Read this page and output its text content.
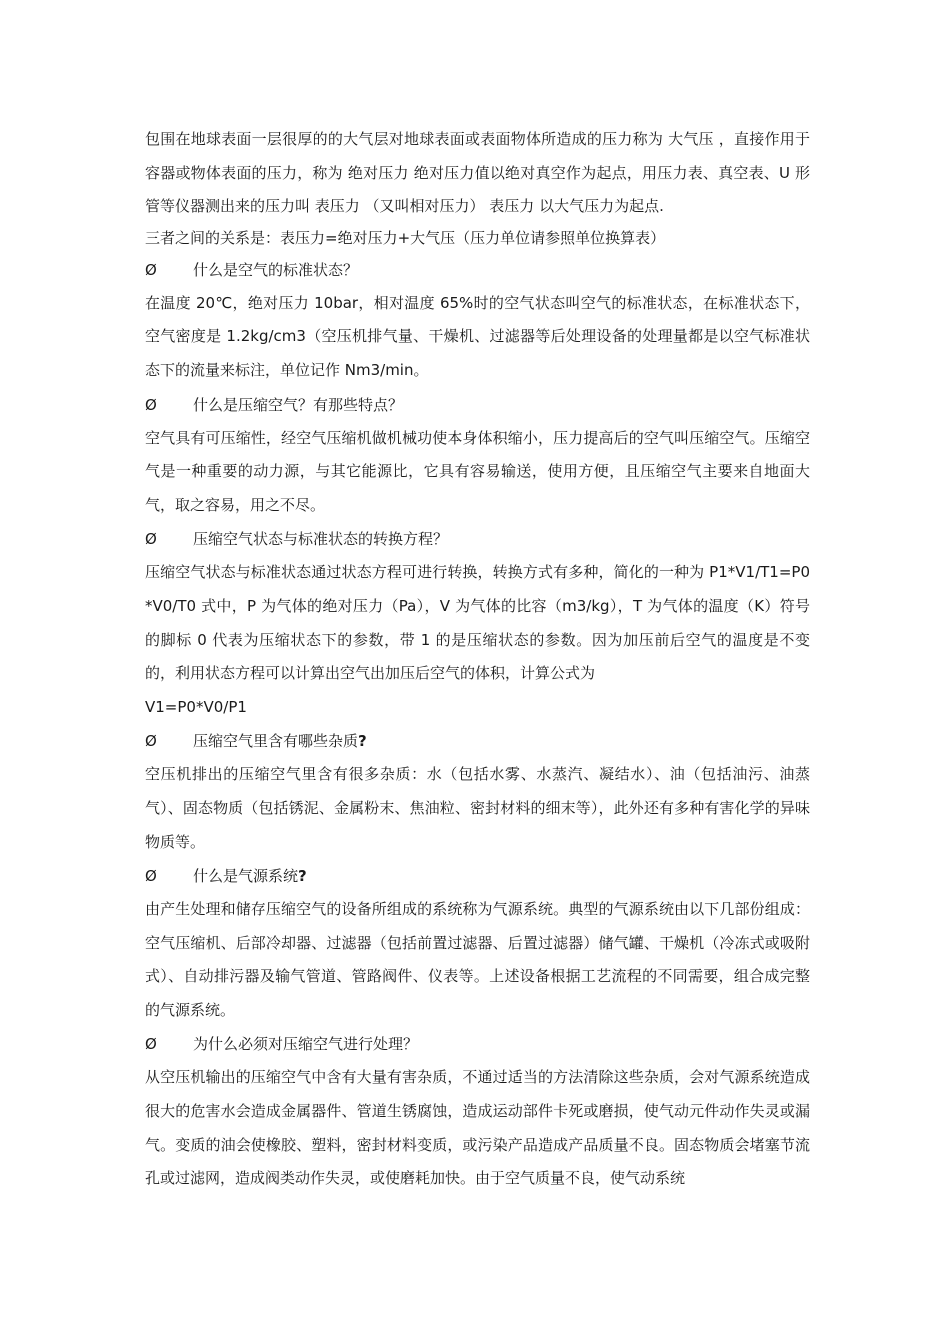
包围在地球表面一层很厚的的大气层对地球表面或表面物体所造成的压力称为 大气压 ，直接作用于容器或物体表面的压力，称为 绝对压力 绝对压力值以绝对真空作为起点，用压力表、真空表、U 形管等仪器测出来的压力叫 表压力 （又叫相对压力） 表压力 以大气压力为起点.

三者之间的关系是：表压力=绝对压力+大气压（压力单位请参照单位换算表）

Ø	什么是空气的标准状态？

在温度 20℃，绝对压力 10bar，相对温度 65%时的空气状态叫空气的标准状态，在标准状态下，空气密度是 1.2kg/cm3（空压机排气量、干燥机、过滤器等后处理设备的处理量都是以空气标准状态下的流量来标注，单位记作 Nm3/min。

Ø	什么是压缩空气？有那些特点？

空气具有可压缩性，经空气压缩机做机械功使本身体积缩小，压力提高后的空气叫压缩空气。压缩空气是一种重要的动力源，与其它能源比，它具有容易输送，使用方便，且压缩空气主要来自地面大气，取之容易，用之不尽。

Ø	压缩空气状态与标准状态的转换方程？

压缩空气状态与标准状态通过状态方程可进行转换，转换方式有多种，简化的一种为 P1*V1/T1=P0*V0/T0 式中，P 为气体的绝对压力（Pa），V 为气体的比容（m3/kg），T 为气体的温度（K）符号的脚标 0 代表为压缩状态下的参数，带 1 的是压缩状态的参数。因为加压前后空气的温度是不变的，利用状态方程可以计算出空气出加压后空气的体积，计算公式为

V1=P0*V0/P1

Ø	压缩空气里含有哪些杂质?

空压机排出的压缩空气里含有很多杂质：水（包括水雾、水蒸汽、凝结水）、油（包括油污、油蒸气）、固态物质（包括锈泥、金属粉末、焦油粒、密封材料的细末等），此外还有多种有害化学的异味物质等。

Ø	什么是气源系统?

由产生处理和储存压缩空气的设备所组成的系统称为气源系统。典型的气源系统由以下几部份组成：空气压缩机、后部冷却器、过滤器（包括前置过滤器、后置过滤器）储气罐、干燥机（冷冻式或吸附式）、自动排污器及输气管道、管路阀件、仪表等。上述设备根据工艺流程的不同需要，组合成完整的气源系统。

Ø	为什么必须对压缩空气进行处理？

从空压机输出的压缩空气中含有大量有害杂质，不通过适当的方法清除这些杂质，会对气源系统造成很大的危害水会造成金属器件、管道生锈腐蚀，造成运动部件卡死或磨损，使气动元件动作失灵或漏气。变质的油会使橡胶、塑料，密封材料变质，或污染产品造成产品质量不良。固态物质会堵塞节流孔或过滤网，造成阀类动作失灵，或使磨耗加快。由于空气质量不良，使气动系统
